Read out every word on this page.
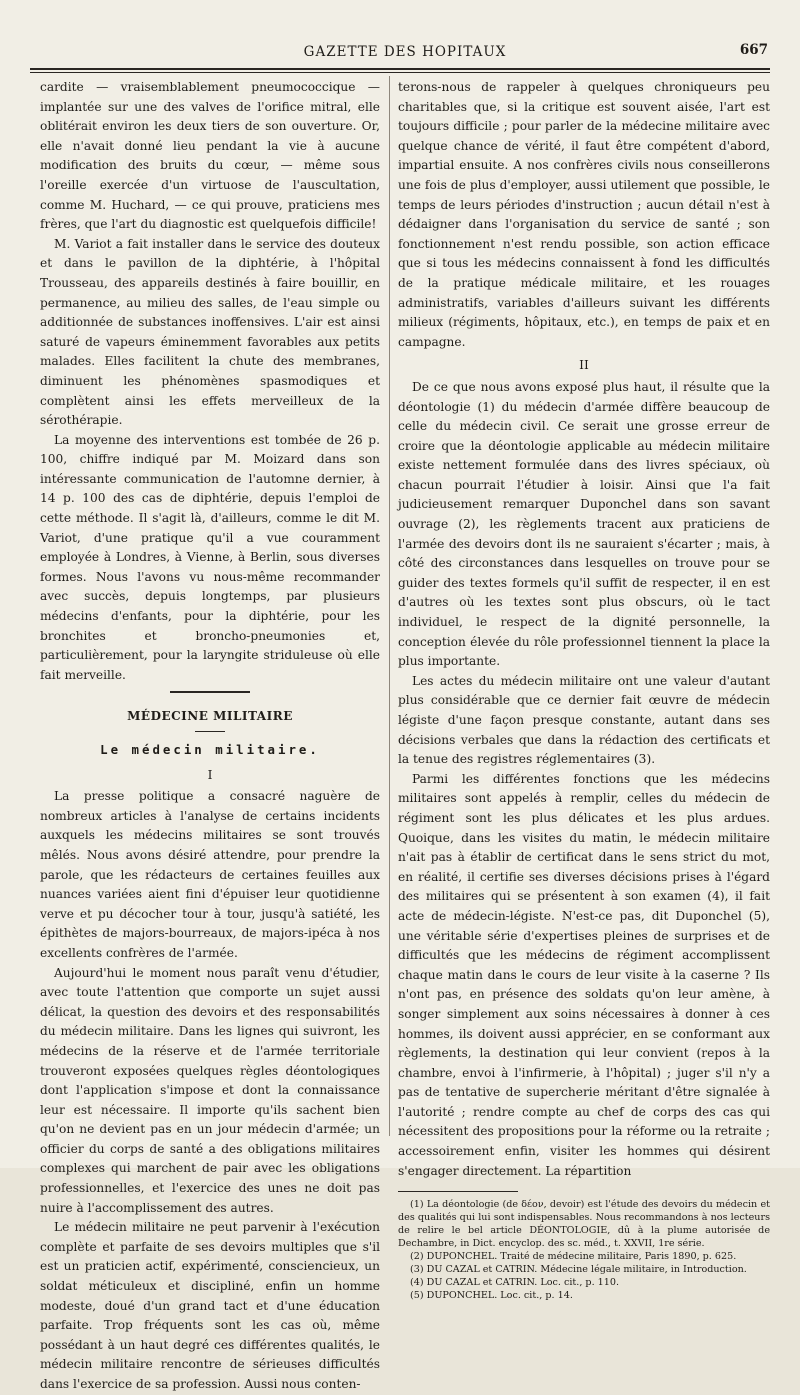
GAZETTE DES HOPITAUX	667

cardite — vraisemblablement pneumococcique — implantée sur une des valves de l'orifice mitral, elle oblitérait environ les deux tiers de son ouverture. Or, elle n'avait donné lieu pendant la vie à aucune modification des bruits du cœur, — même sous l'oreille exercée d'un virtuose de l'auscultation, comme M. Huchard, — ce qui prouve, praticiens mes frères, que l'art du diagnostic est quelquefois difficile!

M. Variot a fait installer dans le service des douteux et dans le pavillon de la diphtérie, à l'hôpital Trousseau, des appareils destinés à faire bouillir, en permanence, au milieu des salles, de l'eau simple ou additionnée de substances inoffensives. L'air est ainsi saturé de vapeurs éminemment favorables aux petits malades. Elles facilitent la chute des membranes, diminuent les phénomènes spasmodiques et complètent ainsi les effets merveilleux de la sérothérapie.

La moyenne des interventions est tombée de 26 p. 100, chiffre indiqué par M. Moizard dans son intéressante communication de l'automne dernier, à 14 p. 100 des cas de diphtérie, depuis l'emploi de cette méthode. Il s'agit là, d'ailleurs, comme le dit M. Variot, d'une pratique qu'il a vue couramment employée à Londres, à Vienne, à Berlin, sous diverses formes. Nous l'avons vu nous-même recommander avec succès, depuis longtemps, par plusieurs médecins d'enfants, pour la diphtérie, pour les bronchites et broncho-pneumonies et, particulièrement, pour la laryngite striduleuse où elle fait merveille.

MÉDECINE MILITAIRE
Le médecin militaire.
I

La presse politique a consacré naguère de nombreux articles à l'analyse de certains incidents auxquels les médecins militaires se sont trouvés mêlés. Nous avons désiré attendre, pour prendre la parole, que les rédacteurs de certaines feuilles aux nuances variées aient fini d'épuiser leur quotidienne verve et pu décocher tour à tour, jusqu'à satiété, les épithètes de majors-bourreaux, de majors-ipéca à nos excellents confrères de l'armée.

Aujourd'hui le moment nous paraît venu d'étudier, avec toute l'attention que comporte un sujet aussi délicat, la question des devoirs et des responsabilités du médecin militaire. Dans les lignes qui suivront, les médecins de la réserve et de l'armée territoriale trouveront exposées quelques règles déontologiques dont l'application s'impose et dont la connaissance leur est nécessaire. Il importe qu'ils sachent bien qu'on ne devient pas en un jour médecin d'armée; un officier du corps de santé a des obligations militaires complexes qui marchent de pair avec les obligations professionnelles, et l'exercice des unes ne doit pas nuire à l'accomplissement des autres.

Le médecin militaire ne peut parvenir à l'exécution complète et parfaite de ses devoirs multiples que s'il est un praticien actif, expérimenté, consciencieux, un soldat méticuleux et discipliné, enfin un homme modeste, doué d'un grand tact et d'une éducation parfaite. Trop fréquents sont les cas où, même possédant à un haut degré ces différentes qualités, le médecin militaire rencontre de sérieuses difficultés dans l'exercice de sa profession. Aussi nous conten-

terons-nous de rappeler à quelques chroniqueurs peu charitables que, si la critique est souvent aisée, l'art est toujours difficile ; pour parler de la médecine militaire avec quelque chance de vérité, il faut être compétent d'abord, impartial ensuite. A nos confrères civils nous conseillerons une fois de plus d'employer, aussi utilement que possible, le temps de leurs périodes d'instruction ; aucun détail n'est à dédaigner dans l'organisation du service de santé ; son fonctionnement n'est rendu possible, son action efficace que si tous les médecins connaissent à fond les difficultés de la pratique médicale militaire, et les rouages administratifs, variables d'ailleurs suivant les différents milieux (régiments, hôpitaux, etc.), en temps de paix et en campagne.

II

De ce que nous avons exposé plus haut, il résulte que la déontologie (1) du médecin d'armée diffère beaucoup de celle du médecin civil. Ce serait une grosse erreur de croire que la déontologie applicable au médecin militaire existe nettement formulée dans des livres spéciaux, où chacun pourrait l'étudier à loisir. Ainsi que l'a fait judicieusement remarquer Duponchel dans son savant ouvrage (2), les règlements tracent aux praticiens de l'armée des devoirs dont ils ne sauraient s'écarter ; mais, à côté des circonstances dans lesquelles on trouve pour se guider des textes formels qu'il suffit de respecter, il en est d'autres où les textes sont plus obscurs, où le tact individuel, le respect de la dignité personnelle, la conception élevée du rôle professionnel tiennent la place la plus importante.

Les actes du médecin militaire ont une valeur d'autant plus considérable que ce dernier fait œuvre de médecin légiste d'une façon presque constante, autant dans ses décisions verbales que dans la rédaction des certificats et la tenue des registres réglementaires (3).

Parmi les différentes fonctions que les médecins militaires sont appelés à remplir, celles du médecin de régiment sont les plus délicates et les plus ardues. Quoique, dans les visites du matin, le médecin militaire n'ait pas à établir de certificat dans le sens strict du mot, en réalité, il certifie ses diverses décisions prises à l'égard des militaires qui se présentent à son examen (4), il fait acte de médecin-légiste. N'est-ce pas, dit Duponchel (5), une véritable série d'expertises pleines de surprises et de difficultés que les médecins de régiment accomplissent chaque matin dans le cours de leur visite à la caserne ? Ils n'ont pas, en présence des soldats qu'on leur amène, à songer simplement aux soins nécessaires à donner à ces hommes, ils doivent aussi apprécier, en se conformant aux règlements, la destination qui leur convient (repos à la chambre, envoi à l'infirmerie, à l'hôpital) ; juger s'il n'y a pas de tentative de supercherie méritant d'être signalée à l'autorité ; rendre compte au chef de corps des cas qui nécessitent des propositions pour la réforme ou la retraite ; accessoirement enfin, visiter les hommes qui désirent s'engager directement. La répartition

(1) La déontologie (de δέον, devoir) est l'étude des devoirs du médecin et des qualités qui lui sont indispensables. Nous recommandons à nos lecteurs de relire le bel article DÉONTOLOGIE, dû à la plume autorisée de Dechambre, in Dict. encyclop. des sc. méd., t. XXVII, 1re série.

(2) DUPONCHEL. Traité de médecine militaire, Paris 1890, p. 625.

(3) DU CAZAL et CATRIN. Médecine légale militaire, in Introduction.

(4) DU CAZAL et CATRIN. Loc. cit., p. 110.

(5) DUPONCHEL. Loc. cit., p. 14.
